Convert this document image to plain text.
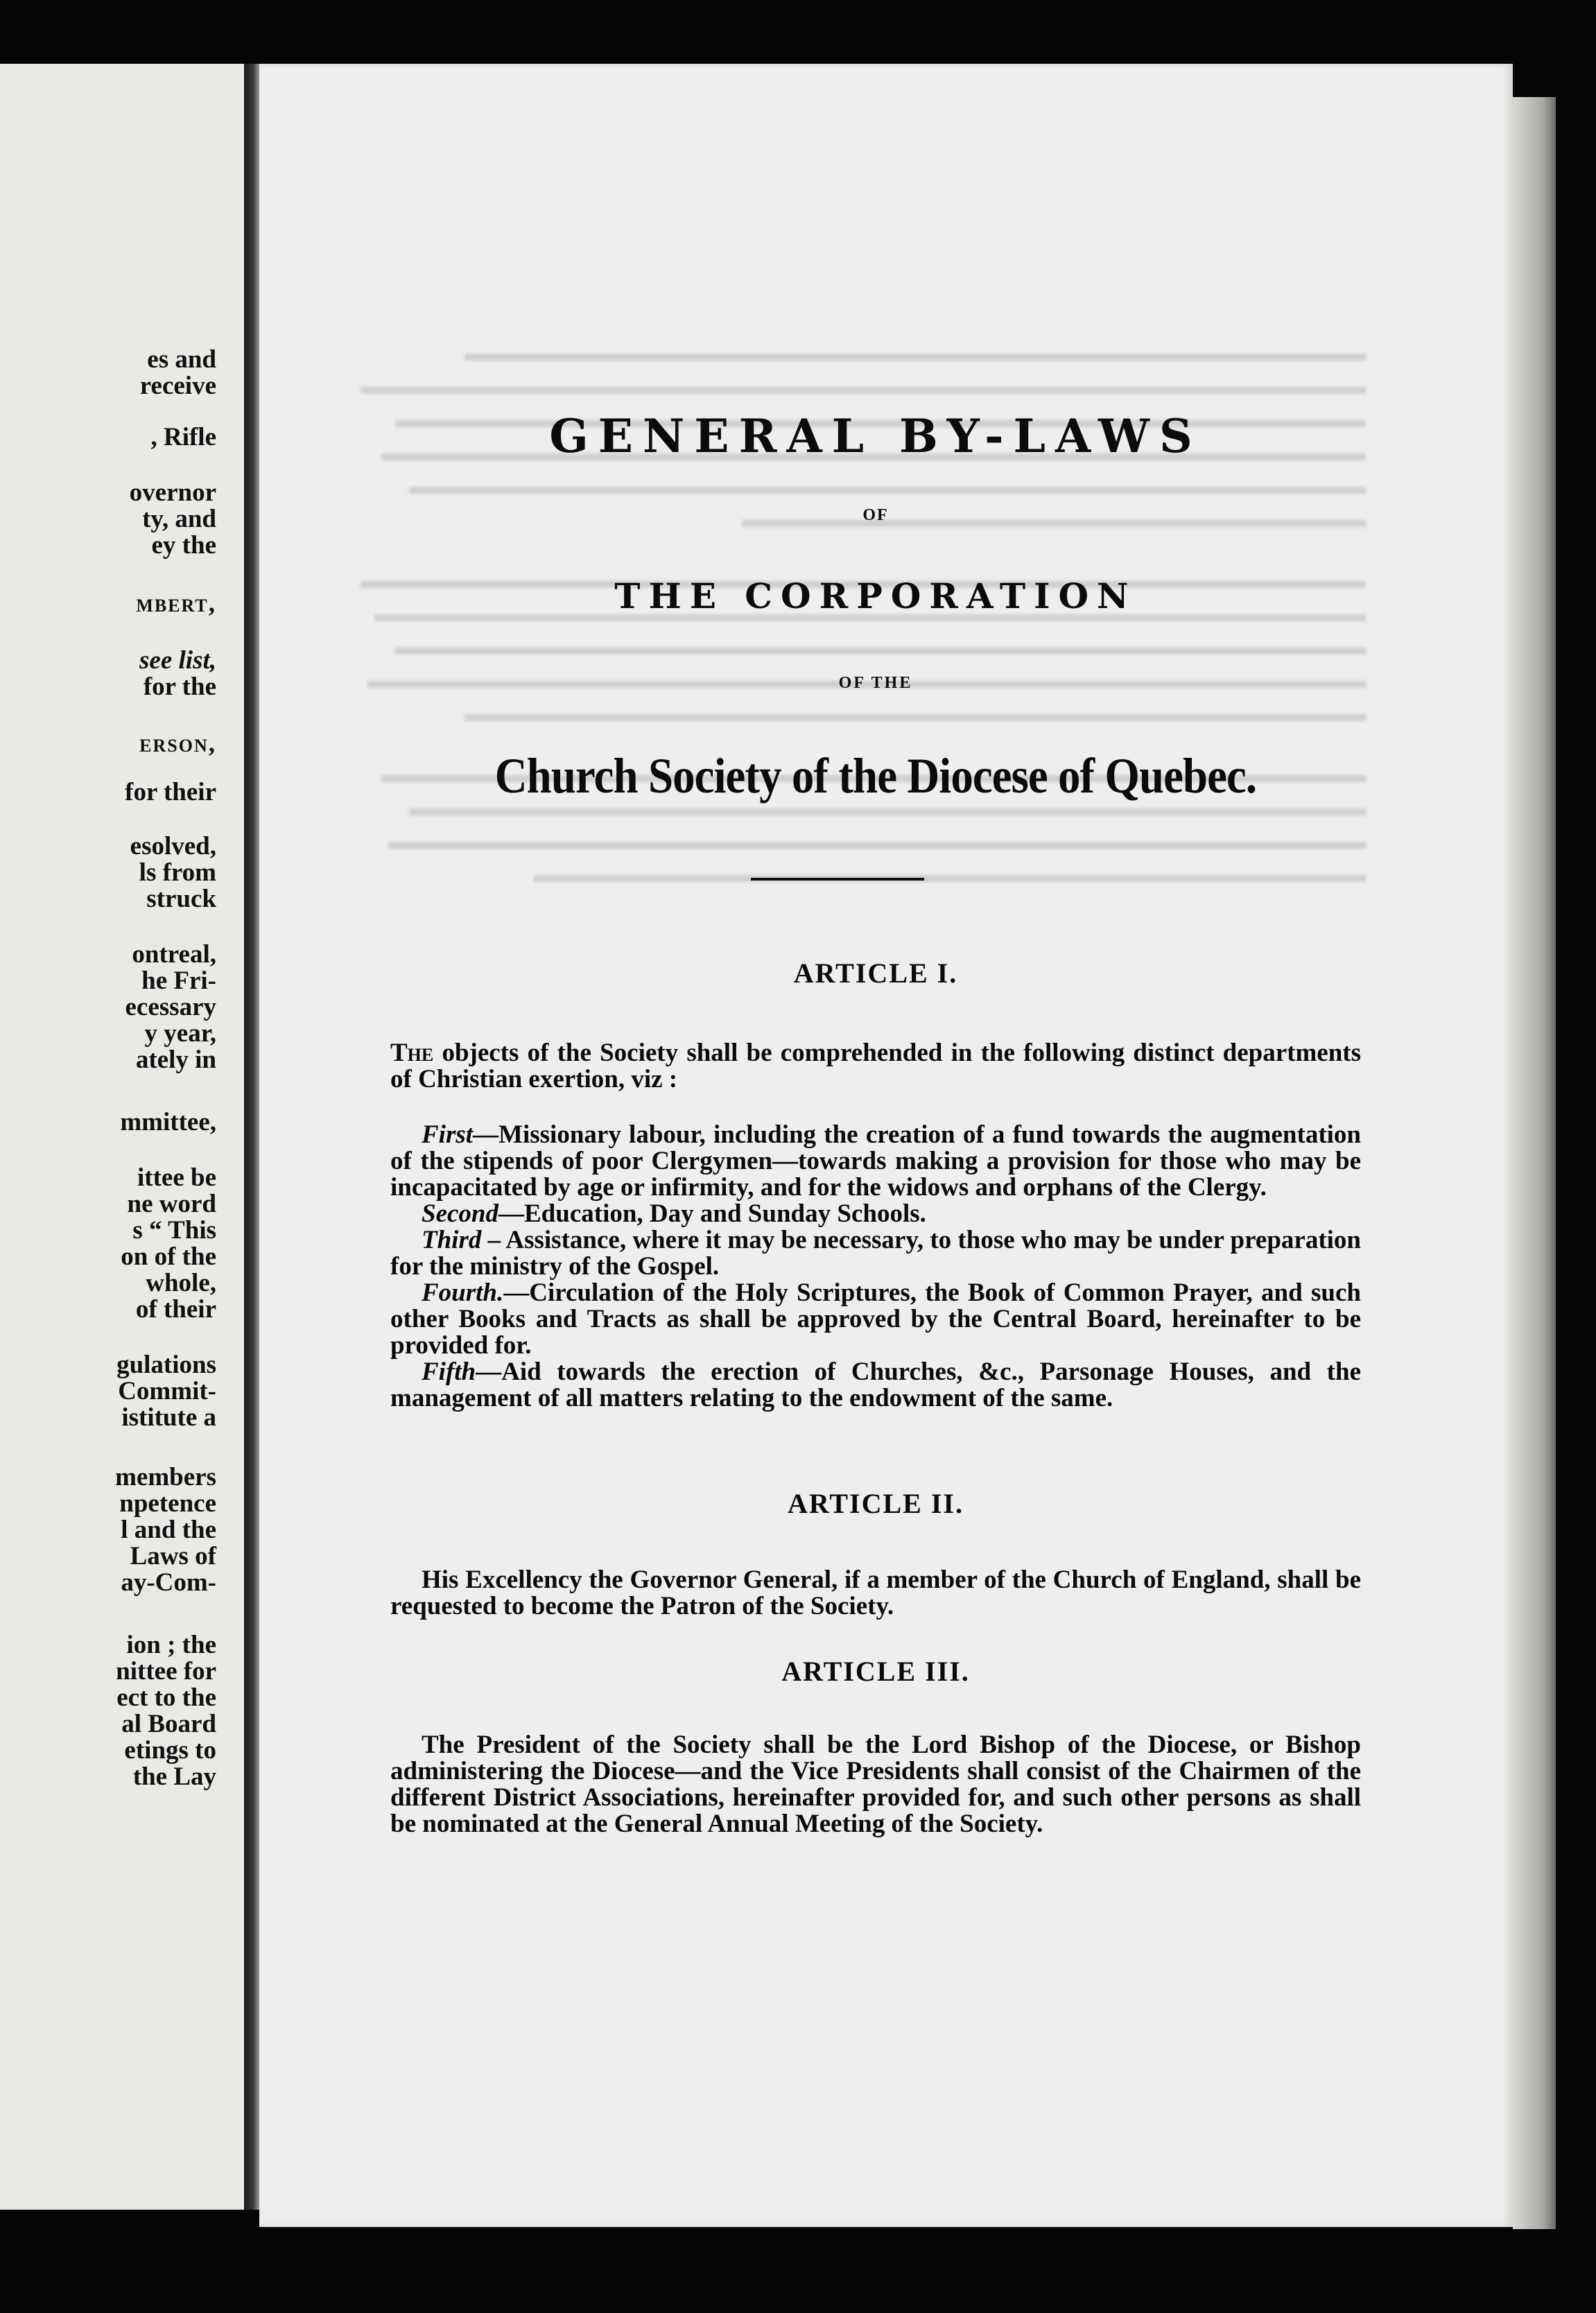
es and
receive
, Rifle
overnor
ty, and
ey the
mbert,
see list,
for the
erson,
for their
esolved,
ls from
struck
ontreal,
he Fri-
ecessary
y year,
ately in
mmittee,
ittee be
ne word
s “ This
on of the
whole,
of their
gulations
Commit-
istitute a
members
npetence
l and the
Laws of
ay-Com-
ion ; the
nittee for
ect to the
al Board
etings to
the Lay
GENERAL BY-LAWS
OF
THE CORPORATION
OF THE
Church Society of the Diocese of Quebec.
ARTICLE I.
The objects of the Society shall be comprehended in the following distinct departments of Christian exertion, viz :

First—Missionary labour, including the creation of a fund towards the augmentation of the stipends of poor Clergymen—towards making a provision for those who may be incapacitated by age or infirmity, and for the widows and orphans of the Clergy.

Second—Education, Day and Sunday Schools.

Third – Assistance, where it may be necessary, to those who may be under preparation for the ministry of the Gospel.

Fourth.—Circulation of the Holy Scriptures, the Book of Common Prayer, and such other Books and Tracts as shall be approved by the Central Board, hereinafter to be provided for.

Fifth—Aid towards the erection of Churches, &c., Parsonage Houses, and the management of all matters relating to the endowment of the same.

ARTICLE II.
His Excellency the Governor General, if a member of the Church of England, shall be requested to become the Patron of the Society.
ARTICLE III.
The President of the Society shall be the Lord Bishop of the Diocese, or Bishop administering the Diocese—and the Vice Presidents shall consist of the Chairmen of the different District Associations, hereinafter provided for, and such other persons as shall be nominated at the General Annual Meeting of the Society.
